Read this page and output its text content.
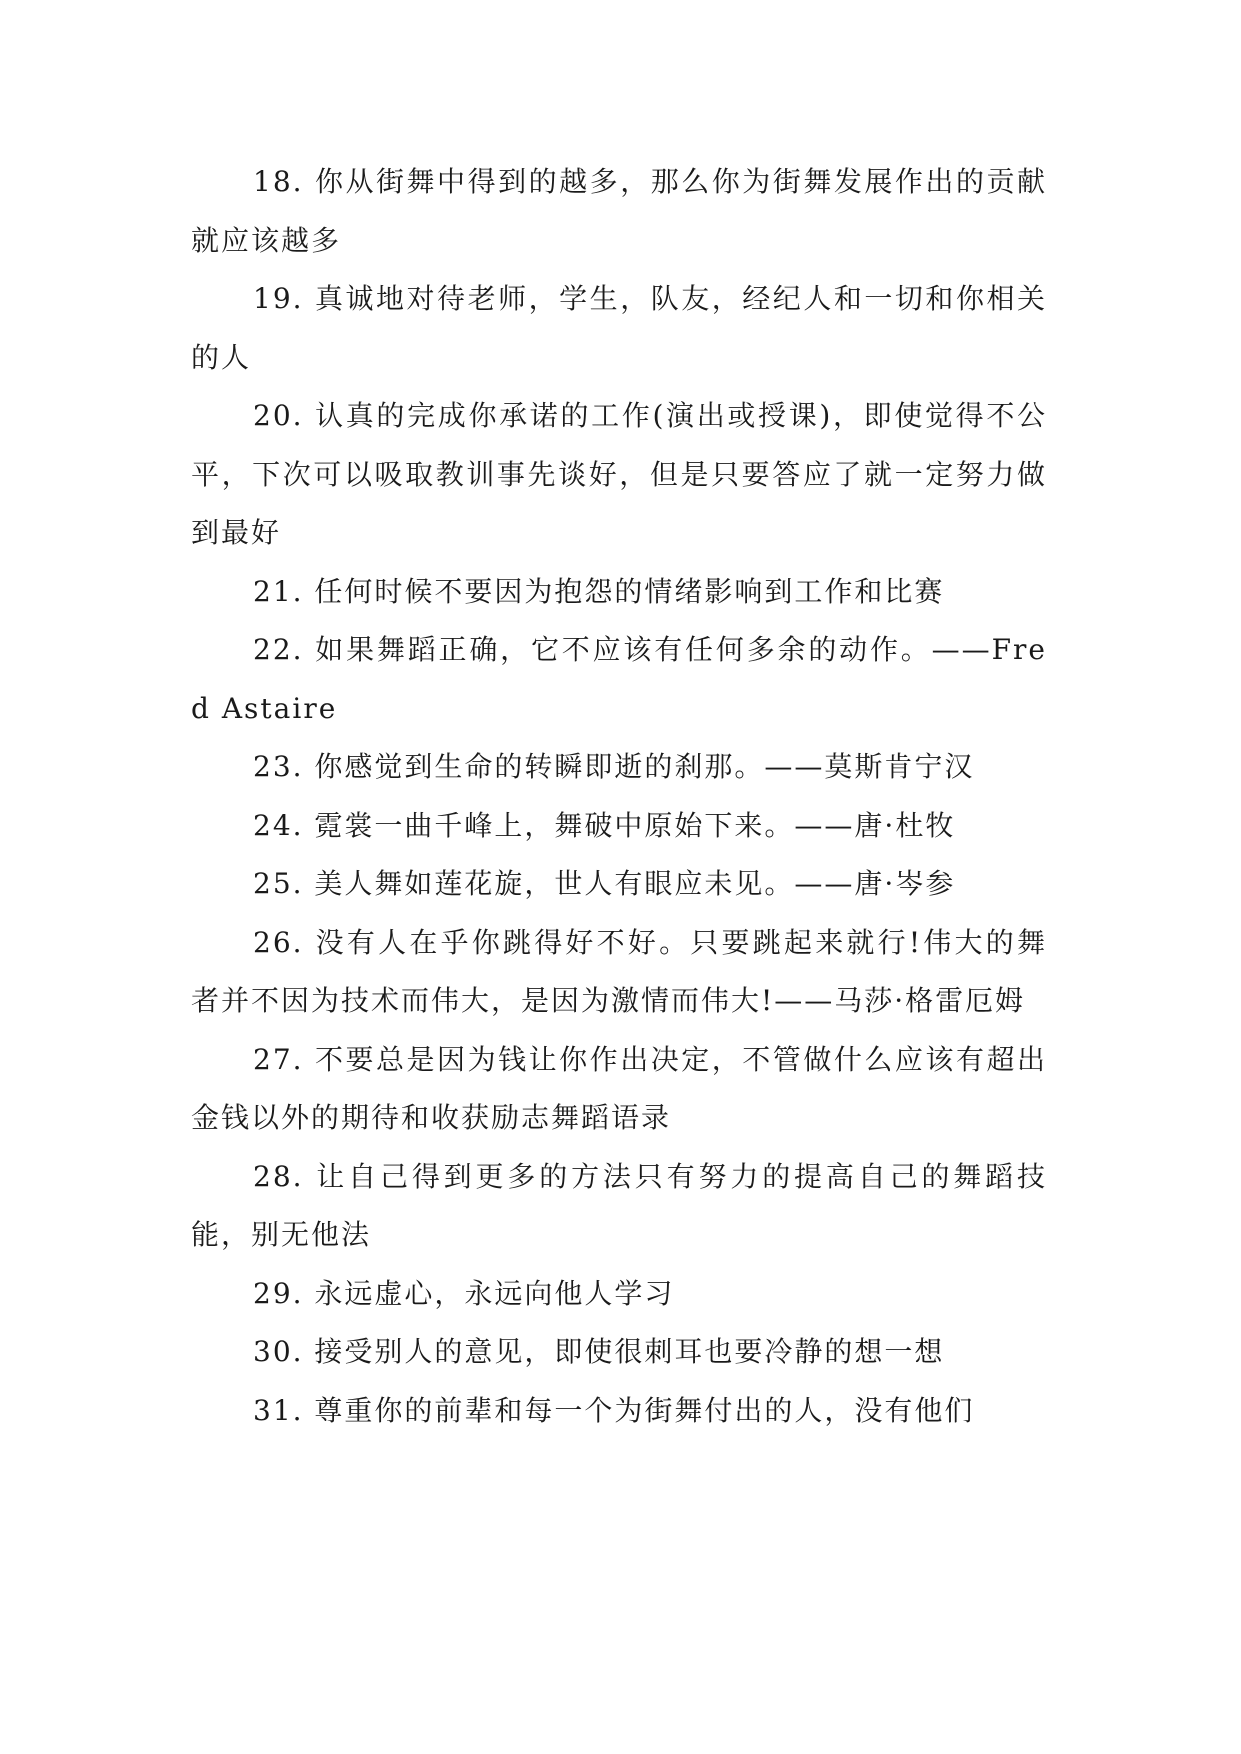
18. 你从街舞中得到的越多，那么你为街舞发展作出的贡献就应该越多

19. 真诚地对待老师，学生，队友，经纪人和一切和你相关的人

20. 认真的完成你承诺的工作(演出或授课)，即使觉得不公平，下次可以吸取教训事先谈好，但是只要答应了就一定努力做到最好

21. 任何时候不要因为抱怨的情绪影响到工作和比赛

22. 如果舞蹈正确，它不应该有任何多余的动作。——Fred Astaire

23. 你感觉到生命的转瞬即逝的刹那。——莫斯肯宁汉

24. 霓裳一曲千峰上，舞破中原始下来。——唐·杜牧

25. 美人舞如莲花旋，世人有眼应未见。——唐·岑参

26. 没有人在乎你跳得好不好。只要跳起来就行!伟大的舞者并不因为技术而伟大，是因为激情而伟大!——马莎·格雷厄姆

27. 不要总是因为钱让你作出决定，不管做什么应该有超出金钱以外的期待和收获励志舞蹈语录

28. 让自己得到更多的方法只有努力的提高自己的舞蹈技能，别无他法

29. 永远虚心，永远向他人学习

30. 接受别人的意见，即使很刺耳也要冷静的想一想

31. 尊重你的前辈和每一个为街舞付出的人，没有他们
